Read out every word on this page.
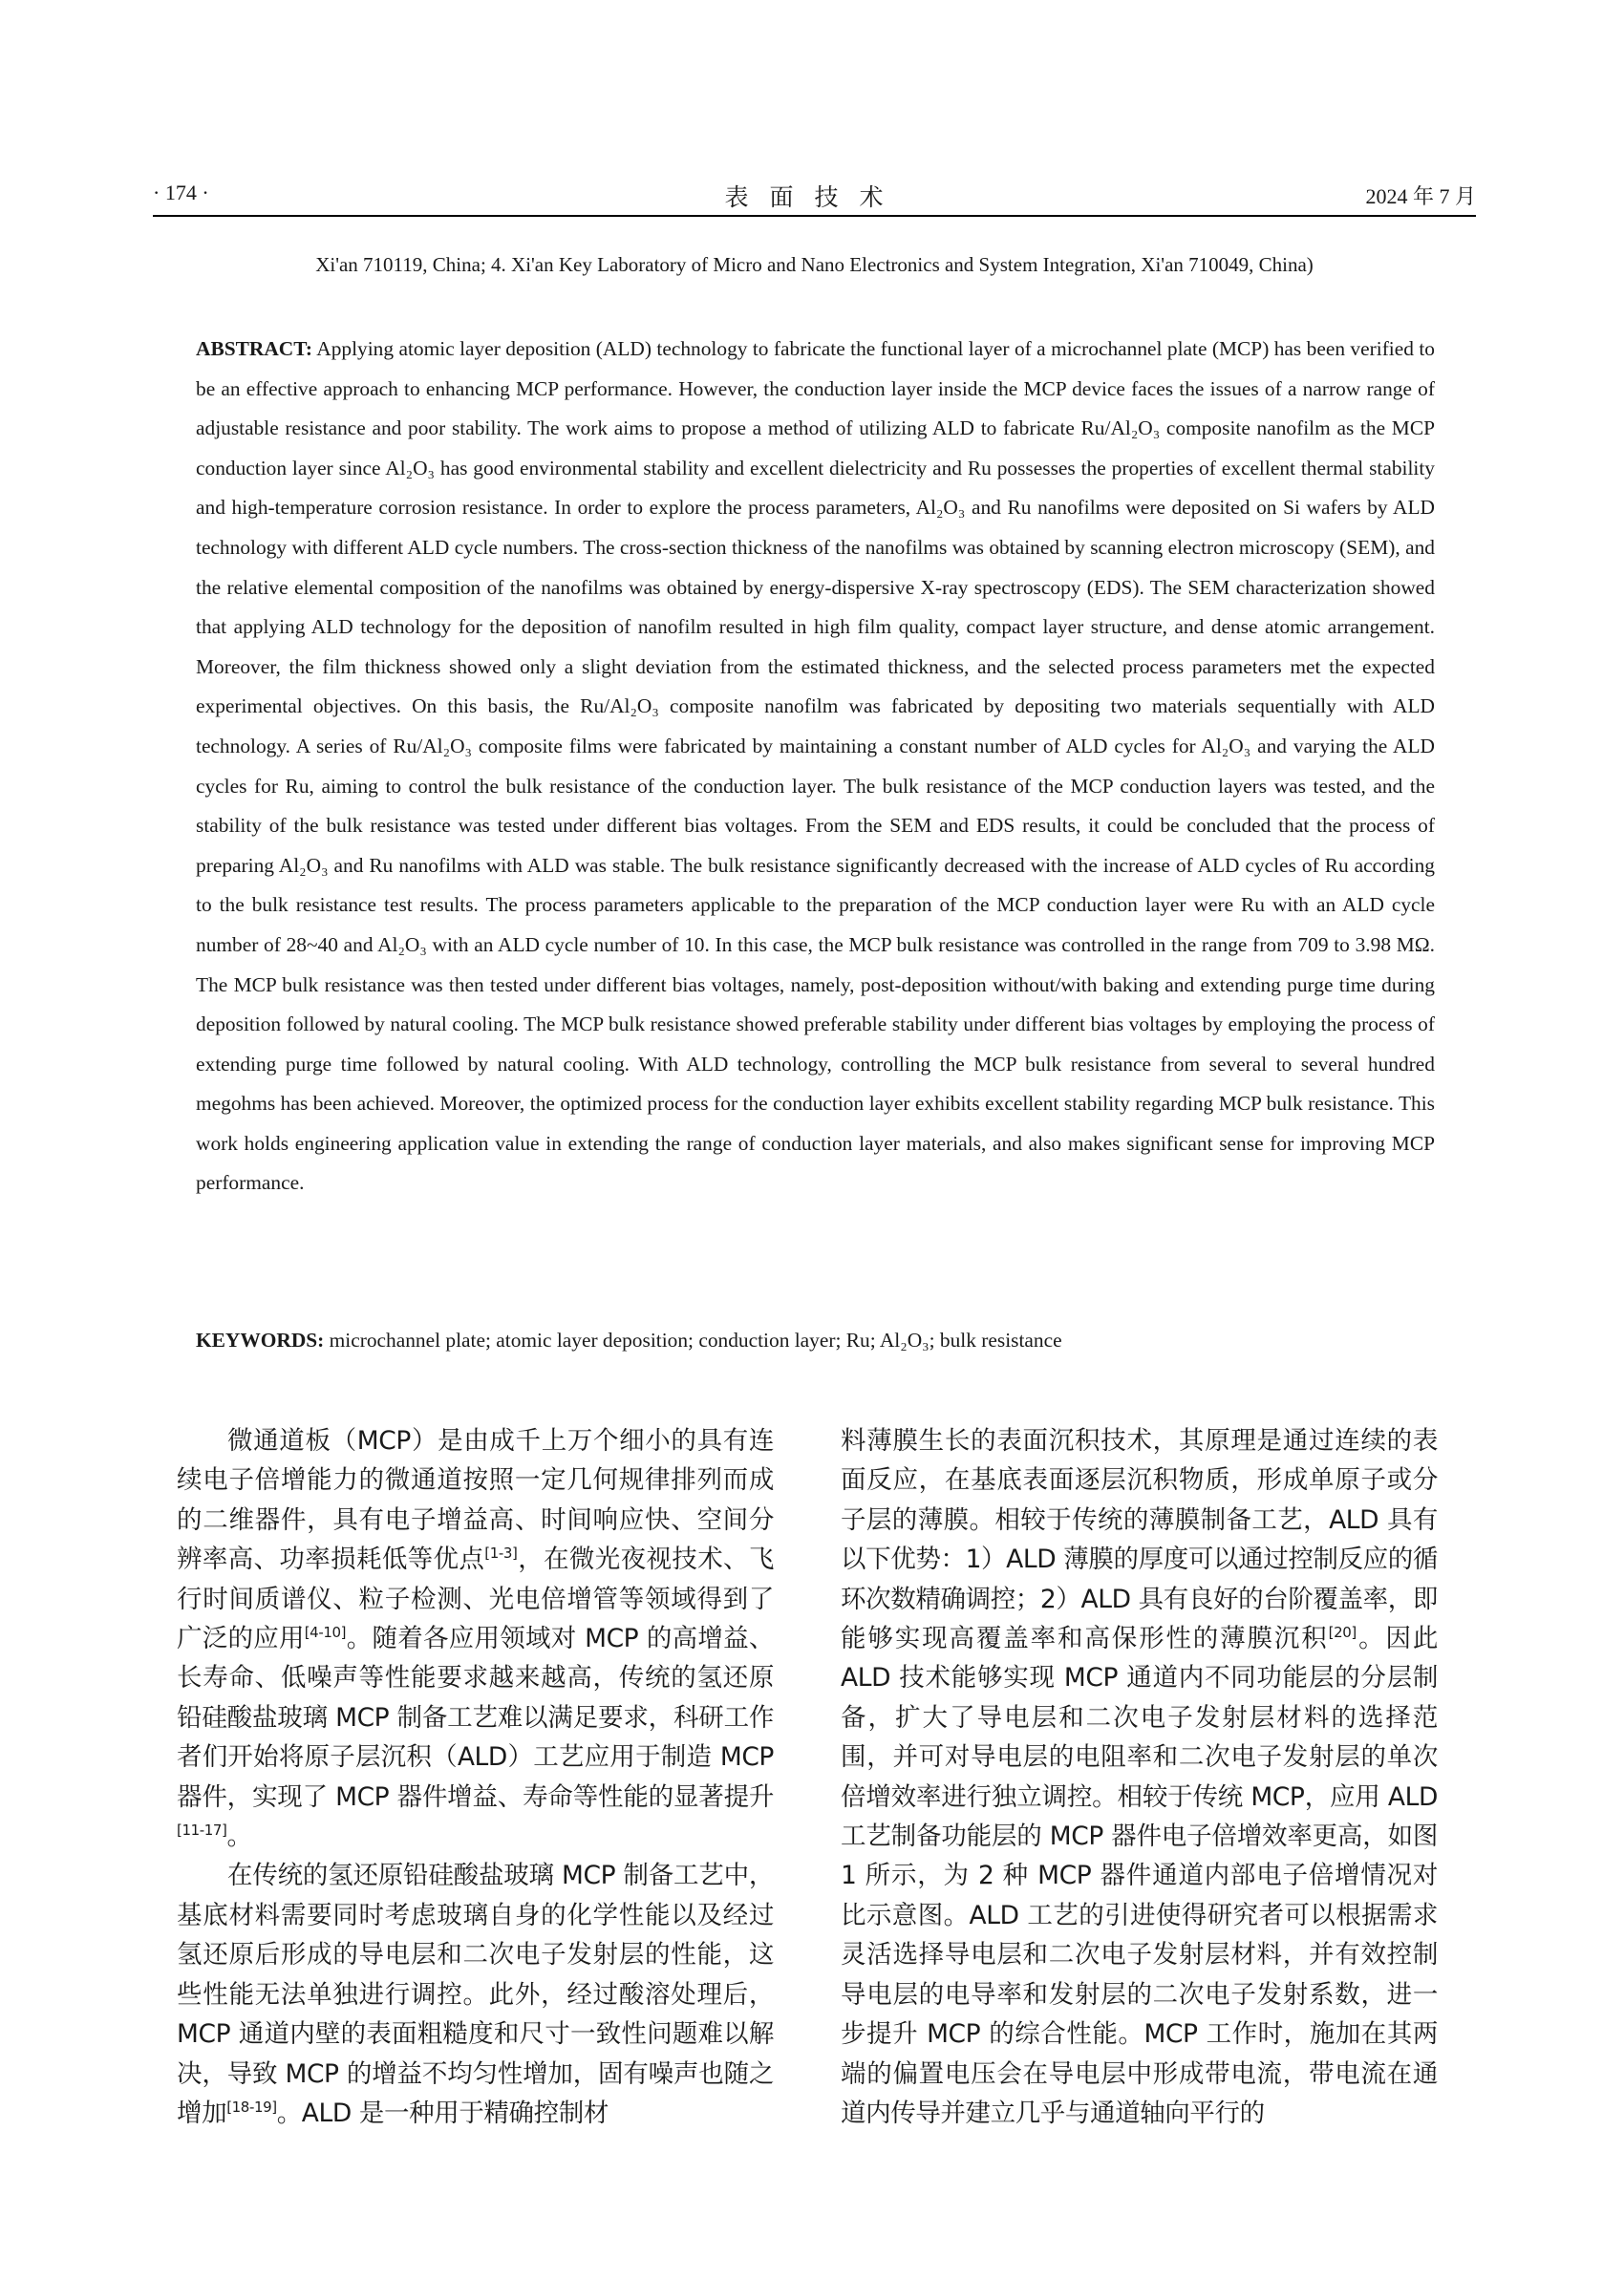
· 174 ·	表面技术	2024 年 7 月
Xi'an 710119, China; 4. Xi'an Key Laboratory of Micro and Nano Electronics and System Integration, Xi'an 710049, China)
ABSTRACT: Applying atomic layer deposition (ALD) technology to fabricate the functional layer of a microchannel plate (MCP) has been verified to be an effective approach to enhancing MCP performance. However, the conduction layer inside the MCP device faces the issues of a narrow range of adjustable resistance and poor stability. The work aims to propose a method of utilizing ALD to fabricate Ru/Al₂O₃ composite nanofilm as the MCP conduction layer since Al₂O₃ has good environmental stability and excellent dielectricity and Ru possesses the properties of excellent thermal stability and high-temperature corrosion resistance. In order to explore the process parameters, Al₂O₃ and Ru nanofilms were deposited on Si wafers by ALD technology with different ALD cycle numbers. The cross-section thickness of the nanofilms was obtained by scanning electron microscopy (SEM), and the relative elemental composition of the nanofilms was obtained by energy-dispersive X-ray spectroscopy (EDS). The SEM characterization showed that applying ALD technology for the deposition of nanofilm resulted in high film quality, compact layer structure, and dense atomic arrangement. Moreover, the film thickness showed only a slight deviation from the estimated thickness, and the selected process parameters met the expected experimental objectives. On this basis, the Ru/Al₂O₃ composite nanofilm was fabricated by depositing two materials sequentially with ALD technology. A series of Ru/Al₂O₃ composite films were fabricated by maintaining a constant number of ALD cycles for Al₂O₃ and varying the ALD cycles for Ru, aiming to control the bulk resistance of the conduction layer. The bulk resistance of the MCP conduction layers was tested, and the stability of the bulk resistance was tested under different bias voltages. From the SEM and EDS results, it could be concluded that the process of preparing Al₂O₃ and Ru nanofilms with ALD was stable. The bulk resistance significantly decreased with the increase of ALD cycles of Ru according to the bulk resistance test results. The process parameters applicable to the preparation of the MCP conduction layer were Ru with an ALD cycle number of 28~40 and Al₂O₃ with an ALD cycle number of 10. In this case, the MCP bulk resistance was controlled in the range from 709 to 3.98 MΩ. The MCP bulk resistance was then tested under different bias voltages, namely, post-deposition without/with baking and extending purge time during deposition followed by natural cooling. The MCP bulk resistance showed preferable stability under different bias voltages by employing the process of extending purge time followed by natural cooling. With ALD technology, controlling the MCP bulk resistance from several to several hundred megohms has been achieved. Moreover, the optimized process for the conduction layer exhibits excellent stability regarding MCP bulk resistance. This work holds engineering application value in extending the range of conduction layer materials, and also makes significant sense for improving MCP performance.
KEYWORDS: microchannel plate; atomic layer deposition; conduction layer; Ru; Al₂O₃; bulk resistance

微通道板（MCP）是由成千上万个细小的具有连续电子倍增能力的微通道按照一定几何规律排列而成的二维器件，具有电子增益高、时间响应快、空间分辨率高、功率损耗低等优点[1-3]，在微光夜视技术、飞行时间质谱仪、粒子检测、光电倍增管等领域得到了广泛的应用[4-10]。随着各应用领域对 MCP 的高增益、长寿命、低噪声等性能要求越来越高，传统的氢还原铅硅酸盐玻璃 MCP 制备工艺难以满足要求，科研工作者们开始将原子层沉积（ALD）工艺应用于制造 MCP 器件，实现了 MCP 器件增益、寿命等性能的显著提升[11-17]。

在传统的氢还原铅硅酸盐玻璃 MCP 制备工艺中，基底材料需要同时考虑玻璃自身的化学性能以及经过氢还原后形成的导电层和二次电子发射层的性能，这些性能无法单独进行调控。此外，经过酸溶处理后，MCP 通道内壁的表面粗糙度和尺寸一致性问题难以解决，导致 MCP 的增益不均匀性增加，固有噪声也随之增加[18-19]。ALD 是一种用于精确控制材

料薄膜生长的表面沉积技术，其原理是通过连续的表面反应，在基底表面逐层沉积物质，形成单原子或分子层的薄膜。相较于传统的薄膜制备工艺，ALD 具有以下优势：1）ALD 薄膜的厚度可以通过控制反应的循环次数精确调控；2）ALD 具有良好的台阶覆盖率，即能够实现高覆盖率和高保形性的薄膜沉积[20]。因此 ALD 技术能够实现 MCP 通道内不同功能层的分层制备，扩大了导电层和二次电子发射层材料的选择范围，并可对导电层的电阻率和二次电子发射层的单次倍增效率进行独立调控。相较于传统 MCP，应用 ALD 工艺制备功能层的 MCP 器件电子倍增效率更高，如图 1 所示，为 2 种 MCP 器件通道内部电子倍增情况对比示意图。ALD 工艺的引进使得研究者可以根据需求灵活选择导电层和二次电子发射层材料，并有效控制导电层的电导率和发射层的二次电子发射系数，进一步提升 MCP 的综合性能。MCP 工作时，施加在其两端的偏置电压会在导电层中形成带电流，带电流在通道内传导并建立几乎与通道轴向平行的
